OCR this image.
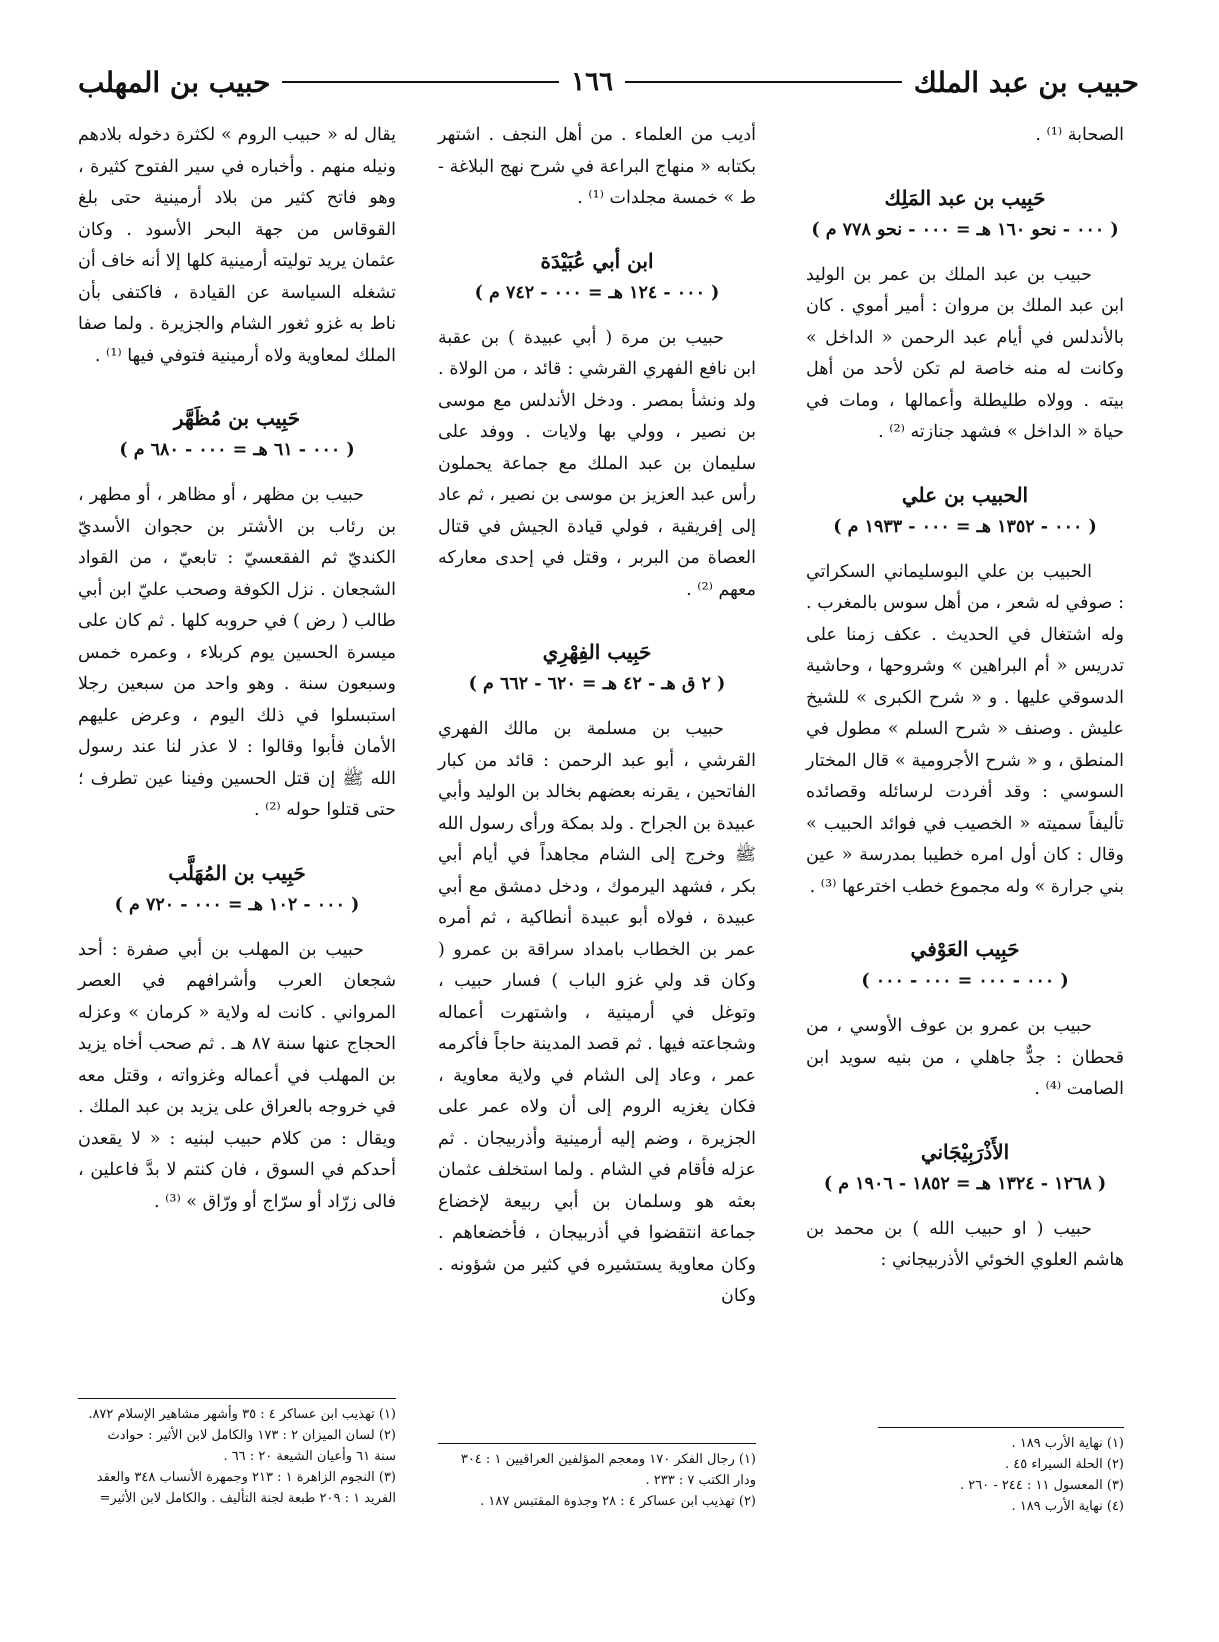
حبيب بن عبد الملك
١٦٦
حبيب بن المهلب

الصحابة ⁽¹⁾ .

حَبِيب بن عبد المَلِك
( ٠٠٠ - نحو ١٦٠ هـ = ٠٠٠ - نحو ٧٧٨ م )

حبيب بن عبد الملك بن عمر بن الوليد ابن عبد الملك بن مروان : أمير أموي . كان بالأندلس في أيام عبد الرحمن « الداخل » وكانت له منه خاصة لم تكن لأحد من أهل بيته . وولاه طليطلة وأعمالها ، ومات في حياة « الداخل » فشهد جنازته ⁽²⁾ .

الحبيب بن علي
( ٠٠٠ - ١٣٥٢ هـ = ٠٠٠ - ١٩٣٣ م )

الحبيب بن علي البوسليماني السكراتي : صوفي له شعر ، من أهل سوس بالمغرب . وله اشتغال في الحديث . عكف زمنا على تدريس « أم البراهين » وشروحها ، وحاشية الدسوقي عليها . و « شرح الكبرى » للشيخ عليش . وصنف « شرح السلم » مطول في المنطق ، و « شرح الأجرومية » قال المختار السوسي : وقد أفردت لرسائله وقصائده تأليفاً سميته « الخصيب في فوائد الحبيب » وقال : كان أول امره خطيبا بمدرسة « عين بني جرارة » وله مجموع خطب اخترعها ⁽³⁾ .

حَبِيب العَوْفي
( ٠٠٠ - ٠٠٠ = ٠٠٠ - ٠٠٠ )

حبيب بن عمرو بن عوف الأوسي ، من قحطان : جدٌّ جاهلي ، من بنيه سويد ابن الصامت ⁽⁴⁾ .

الأَذْرَبِيْجَاني
( ١٢٦٨ - ١٣٢٤ هـ = ١٨٥٢ - ١٩٠٦ م )

حبيب ( او حبيب الله ) بن محمد بن هاشم العلوي الخوئي الأذربيجاني :

أديب من العلماء . من أهل النجف . اشتهر بكتابه « منهاج البراعة في شرح نهج البلاغة - ط » خمسة مجلدات ⁽¹⁾ .

ابن أبي عُبَيْدَة
( ٠٠٠ - ١٢٤ هـ = ٠٠٠ - ٧٤٢ م )

حبيب بن مرة ( أبي عبيدة ) بن عقبة ابن نافع الفهري القرشي : قائد ، من الولاة . ولد ونشأ بمصر . ودخل الأندلس مع موسى بن نصير ، وولي بها ولايات . ووفد على سليمان بن عبد الملك مع جماعة يحملون رأس عبد العزيز بن موسى بن نصير ، ثم عاد إلى إفريقية ، فولي قيادة الجيش في قتال العصاة من البربر ، وقتل في إحدى معاركه معهم ⁽²⁾ .

حَبِيب الفِهْرِي
( ٢ ق هـ - ٤٢ هـ = ٦٢٠ - ٦٦٢ م )

حبيب بن مسلمة بن مالك الفهري القرشي ، أبو عبد الرحمن : قائد من كبار الفاتحين ، يقرنه بعضهم بخالد بن الوليد وأبي عبيدة بن الجراح . ولد بمكة ورأى رسول الله ﷺ وخرج إلى الشام مجاهداً في أيام أبي بكر ، فشهد اليرموك ، ودخل دمشق مع أبي عبيدة ، فولاه أبو عبيدة أنطاكية ، ثم أمره عمر بن الخطاب بامداد سراقة بن عمرو ( وكان قد ولي غزو الباب ) فسار حبيب ، وتوغل في أرمينية ، واشتهرت أعماله وشجاعته فيها . ثم قصد المدينة حاجاً فأكرمه عمر ، وعاد إلى الشام في ولاية معاوية ، فكان يغزيه الروم إلى أن ولاه عمر على الجزيرة ، وضم إليه أرمينية وأذربيجان . ثم عزله فأقام في الشام . ولما استخلف عثمان بعثه هو وسلمان بن أبي ربيعة لإخضاع جماعة انتقضوا في أذربيجان ، فأخضعاهم . وكان معاوية يستشيره في كثير من شؤونه . وكان

يقال له « حبيب الروم » لكثرة دخوله بلادهم ونيله منهم . وأخباره في سير الفتوح كثيرة ، وهو فاتح كثير من بلاد أرمينية حتى بلغ القوقاس من جهة البحر الأسود . وكان عثمان يريد توليته أرمينية كلها إلا أنه خاف أن تشغله السياسة عن القيادة ، فاكتفى بأن ناط به غزو ثغور الشام والجزيرة . ولما صفا الملك لمعاوية ولاه أرمينية فتوفي فيها ⁽¹⁾ .

حَبِيب بن مُظَهَّر
( ٠٠٠ - ٦١ هـ = ٠٠٠ - ٦٨٠ م )

حبيب بن مظهر ، أو مظاهر ، أو مطهر ، بن رئاب بن الأشتر بن حجوان الأسديّ الكنديّ ثم الفقعسيّ : تابعيّ ، من القواد الشجعان . نزل الكوفة وصحب عليّ ابن أبي طالب ( رض ) في حروبه كلها . ثم كان على ميسرة الحسين يوم كربلاء ، وعمره خمس وسبعون سنة . وهو واحد من سبعين رجلا استبسلوا في ذلك اليوم ، وعرض عليهم الأمان فأبوا وقالوا : لا عذر لنا عند رسول الله ﷺ إن قتل الحسين وفينا عين تطرف ؛ حتى قتلوا حوله ⁽²⁾ .

حَبِيب بن المُهَلَّب
( ٠٠٠ - ١٠٢ هـ = ٠٠٠ - ٧٢٠ م )

حبيب بن المهلب بن أبي صفرة : أحد شجعان العرب وأشرافهم في العصر المرواني . كانت له ولاية « كرمان » وعزله الحجاج عنها سنة ٨٧ هـ . ثم صحب أخاه يزيد بن المهلب في أعماله وغزواته ، وقتل معه في خروجه بالعراق على يزيد بن عبد الملك . ويقال : من كلام حبيب لبنيه : « لا يقعدن أحدكم في السوق ، فان كنتم لا بدَّ فاعلين ، فالى زرّاد أو سرّاج أو ورّاق » ⁽³⁾ .

(١) نهاية الأرب ١٨٩ .
(٢) الحلة السيراء ٤٥ .
(٣) المعسول ١١ : ٢٤٤ - ٢٦٠ .
(٤) نهاية الأرب ١٨٩ .
(١) رجال الفكر ١٧٠ ومعجم المؤلفين العراقيين ١ : ٣٠٤
ودار الكتب ٧ : ٢٣٣ .
(٢) تهذيب ابن عساكر ٤ : ٢٨ وجذوة المقتبس ١٨٧ .
(١) تهذيب ابن عساكر ٤ : ٣٥ وأشهر مشاهير الإسلام ٨٧٢.
(٢) لسان الميزان ٢ : ١٧٣ والكامل لابن الأثير : حوادث
سنة ٦١ وأعيان الشيعة ٢٠ : ٦٦ .
(٣) النجوم الزاهرة ١ : ٢١٣ وجمهرة الأنساب ٣٤٨ والعقد
الفريد ١ : ٢٠٩ طبعة لجنة التأليف . والكامل لابن الأثير=
